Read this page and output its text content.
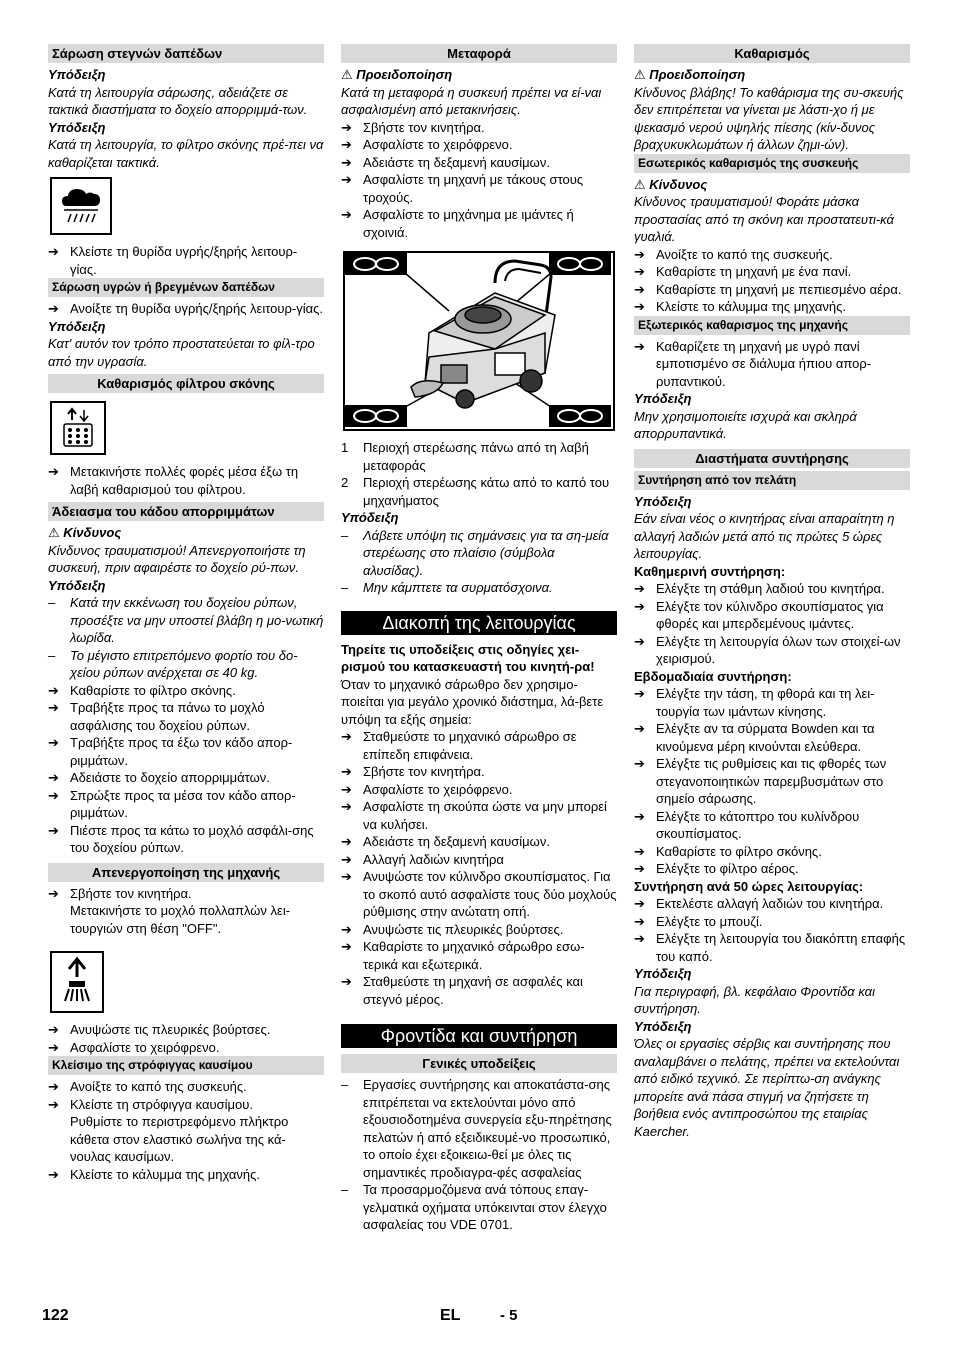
Σάρωση στεγνών δαπέδων

Υπόδειξη

Κατά τη λειτουργία σάρωσης, αδειάζετε σε τακτικά διαστήματα το δοχείο απορριμμά-των.

Υπόδειξη

Κατά τη λειτουργία, το φίλτρο σκόνης πρέ-πει να καθαρίζεται τακτικά.

➔ Κλείστε τη θυρίδα υγρής/ξηρής λειτουρ-γίας.
Σάρωση υγρών ή βρεγμένων δαπέδων
➔ Ανοίξτε τη θυρίδα υγρής/ξηρής λειτουρ-γίας.

Υπόδειξη

Κατ' αυτόν τον τρόπο προστατεύεται το φίλ-τρο από την υγρασία.

Καθαρισμός φίλτρου σκόνης
➔ Μετακινήστε πολλές φορές μέσα έξω τη λαβή καθαρισμού του φίλτρου.
Άδειασμα του κάδου απορριμμάτων

⚠ Κίνδυνος

Κίνδυνος τραυματισμού! Απενεργοποιήστε τη συσκευή, πριν αφαιρέστε το δοχείο ρύ-πων.

Υπόδειξη

–	Κατά την εκκένωση του δοχείου ρύπων, προσέξτε να μην υποστεί βλάβη η μο-νωτική λωρίδα.
–	Το μέγιστο επιτρεπόμενο φορτίο του δο-χείου ρύπων ανέρχεται σε 40 kg.
➔ Καθαρίστε το φίλτρο σκόνης.
➔ Τραβήξτε προς τα πάνω το μοχλό ασφάλισης του δοχείου ρύπων.
➔ Τραβήξτε προς τα έξω τον κάδο απορ-ριμμάτων.
➔ Αδειάστε το δοχείο απορριμμάτων.
➔ Σπρώξτε προς τα μέσα τον κάδο απορ-ριμμάτων.
➔ Πιέστε προς τα κάτω το μοχλό ασφάλι-σης του δοχείου ρύπων.
Απενεργοποίηση της μηχανής
➔ Σβήστε τον κινητήρα.
Μετακινήστε το μοχλό πολλαπλών λει-τουργιών στη θέση "OFF".
➔ Ανυψώστε τις πλευρικές βούρτσες.
➔ Ασφαλίστε το χειρόφρενο.
Κλείσιμο της στρόφιγγας καυσίμου
➔ Ανοίξτε το καπό της συσκευής.
➔ Κλείστε τη στρόφιγγα καυσίμου.
Ρυθμίστε το περιστρεφόμενο πλήκτρο κάθετα στον ελαστικό σωλήνα της κά-νουλας καυσίμων.
➔ Κλείστε το κάλυμμα της μηχανής.
Μεταφορά

⚠ Προειδοποίηση

Κατά τη μεταφορά η συσκευή πρέπει να εί-ναι ασφαλισμένη από μετακινήσεις.

➔ Σβήστε τον κινητήρα.
➔ Ασφαλίστε το χειρόφρενο.
➔ Αδειάστε τη δεξαμενή καυσίμων.
➔ Ασφαλίστε τη μηχανή με τάκους στους τροχούς.
➔ Ασφαλίστε το μηχάνημα με ιμάντες ή σχοινιά.
1	Περιοχή στερέωσης πάνω από τη λαβή μεταφοράς
2	Περιοχή στερέωσης κάτω από το καπό του μηχανήματος

Υπόδειξη

–	Λάβετε υπόψη τις σημάνσεις για τα ση-μεία στερέωσης στο πλαίσιο (σύμβολα αλυσίδας).
–	Μην κάμπτετε τα συρματόσχοινα.
Διακοπή της λειτουργίας

Τηρείτε τις υποδείξεις στις οδηγίες χει-ρισμού του κατασκευαστή του κινητή-ρα!

Όταν το μηχανικό σάρωθρο δεν χρησιμο-ποιείται για μεγάλο χρονικό διάστημα, λά-βετε υπόψη τα εξής σημεία:

➔ Σταθμεύστε το μηχανικό σάρωθρο σε επίπεδη επιφάνεια.
➔ Σβήστε τον κινητήρα.
➔ Ασφαλίστε το χειρόφρενο.
➔ Ασφαλίστε τη σκούπα ώστε να μην μπορεί να κυλήσει.
➔ Αδειάστε τη δεξαμενή καυσίμων.
➔ Αλλαγή λαδιών κινητήρα
➔ Ανυψώστε τον κύλινδρο σκουπίσματος. Για το σκοπό αυτό ασφαλίστε τους δύο μοχλούς ρύθμισης στην ανώτατη οπή.
➔ Ανυψώστε τις πλευρικές βούρτσες.
➔ Καθαρίστε το μηχανικό σάρωθρο εσω-τερικά και εξωτερικά.
➔ Σταθμεύστε τη μηχανή σε ασφαλές και στεγνό μέρος.
Φροντίδα και συντήρηση
Γενικές υποδείξεις
–	Εργασίες συντήρησης και αποκατάστα-σης επιτρέπεται να εκτελούνται μόνο από εξουσιοδοτημένα συνεργεία εξυ-πηρέτησης πελατών ή από εξειδικευμέ-νο προσωπικό, το οποίο έχει εξοικειω-θεί με όλες τις σημαντικές προδιαγρα-φές ασφαλείας
–	Τα προσαρμοζόμενα ανά τόπους επαγ-γελματικά οχήματα υπόκεινται στον έλεγχο ασφαλείας του VDE 0701.
Καθαρισμός

⚠ Προειδοποίηση

Κίνδυνος βλάβης! Το καθάρισμα της συ-σκευής δεν επιτρέπεται να γίνεται με λάστι-χο ή με ψεκασμό νερού υψηλής πίεσης (κίν-δυνος βραχυκυκλωμάτων ή άλλων ζημι-ών).

Εσωτερικός καθαρισμός της συσκευής

⚠ Κίνδυνος

Κίνδυνος τραυματισμού! Φοράτε μάσκα προστασίας από τη σκόνη και προστατευτι-κά γυαλιά.

➔ Ανοίξτε το καπό της συσκευής.
➔ Καθαρίστε τη μηχανή με ένα πανί.
➔ Καθαρίστε τη μηχανή με πεπιεσμένο αέρα.
➔ Κλείστε το κάλυμμα της μηχανής.
Εξωτερικός καθαρισμος της μηχανής
➔ Καθαρίζετε τη μηχανή με υγρό πανί εμποτισμένο σε διάλυμα ήπιου απορ-ρυπαντικού.

Υπόδειξη

Μην χρησιμοποιείτε ισχυρά και σκληρά απορρυπαντικά.

Διαστήματα συντήρησης
Συντήρηση από τον πελάτη

Υπόδειξη

Εάν είναι νέος ο κινητήρας είναι απαραίτητη η αλλαγή λαδιών μετά από τις πρώτες 5 ώρες λειτουργίας.

Καθημερινή συντήρηση:

➔ Ελέγξτε τη στάθμη λαδιού του κινητήρα.
➔ Ελέγξτε τον κύλινδρο σκουπίσματος για φθορές και μπερδεμένους ιμάντες.
➔ Ελέγξτε τη λειτουργία όλων των στοιχεί-ων χειρισμού.

Εβδομαδιαία συντήρηση:

➔ Ελέγξτε την τάση, τη φθορά και τη λει-τουργία των ιμάντων κίνησης.
➔ Ελέγξτε αν τα σύρματα Bowden και τα κινούμενα μέρη κινούνται ελεύθερα.
➔ Ελέγξτε τις ρυθμίσεις και τις φθορές των στεγανοποιητικών παρεμβυσμάτων στο σημείο σάρωσης.
➔ Ελέγξτε το κάτοπτρο του κυλίνδρου σκουπίσματος.
➔ Καθαρίστε το φίλτρο σκόνης.
➔ Ελέγξτε το φίλτρο αέρος.

Συντήρηση ανά 50 ώρες λειτουργίας:

➔ Εκτελέστε αλλαγή λαδιών του κινητήρα.
➔ Ελέγξτε το μπουζί.
➔ Ελέγξτε τη λειτουργία του διακόπτη επαφής του καπό.

Υπόδειξη

Για περιγραφή, βλ. κεφάλαιο Φροντίδα και συντήρηση.

Υπόδειξη

Όλες οι εργασίες σέρβις και συντήρησης που αναλαμβάνει ο πελάτης, πρέπει να εκτελούνται από ειδικό τεχνικό. Σε περίπτω-ση ανάγκης μπορείτε ανά πάσα στιγμή να ζητήσετε τη βοήθεια ενός αντιπροσώπου της εταιρίας Kaercher.

122	EL	- 5
